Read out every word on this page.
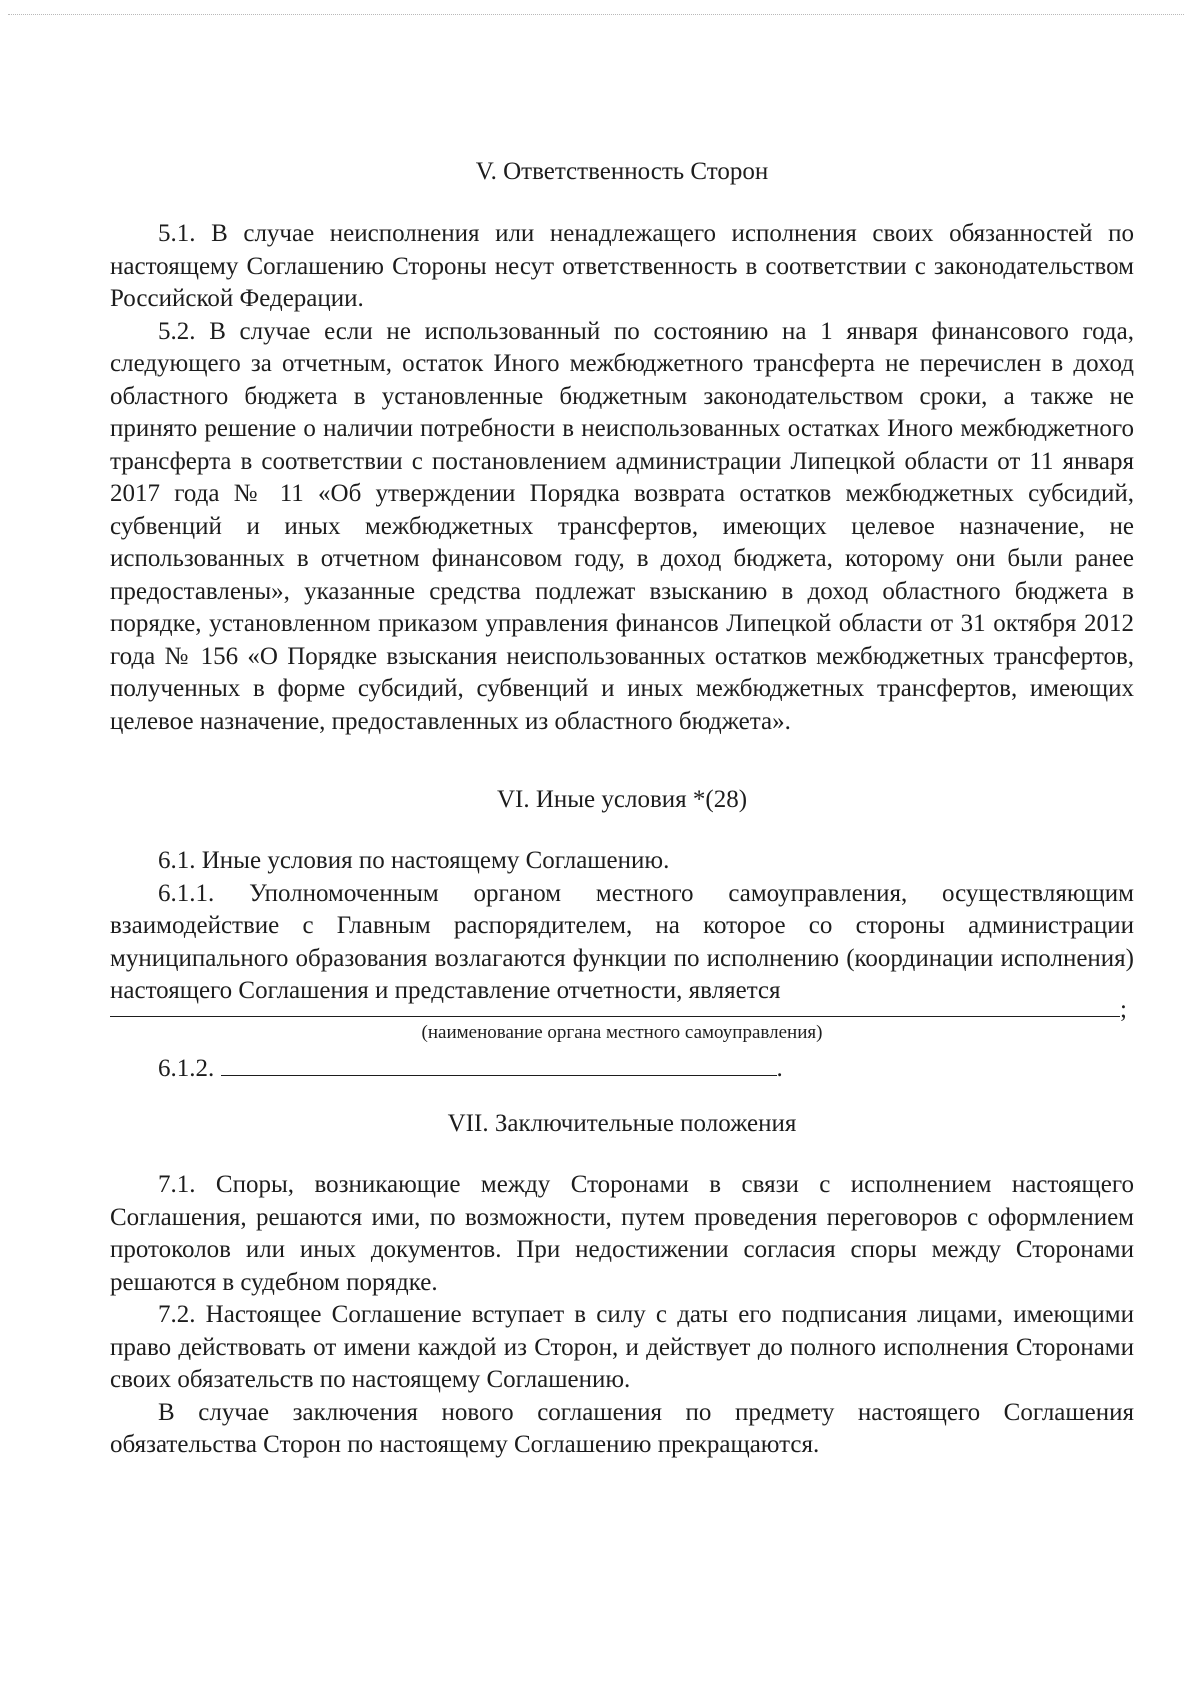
V. Ответственность Сторон

5.1. В случае неисполнения или ненадлежащего исполнения своих обязанностей по настоящему Соглашению Стороны несут ответственность в соответствии с законодательством Российской Федерации.

5.2. В случае если не использованный по состоянию на 1 января финансового года, следующего за отчетным, остаток Иного межбюджетного трансферта не перечислен в доход областного бюджета в установленные бюджетным законодательством сроки, а также не принято решение о наличии потребности в неиспользованных остатках Иного межбюджетного трансферта в соответствии с постановлением администрации Липецкой области от 11 января 2017 года № 11 «Об утверждении Порядка возврата остатков межбюджетных субсидий, субвенций и иных межбюджетных трансфертов, имеющих целевое назначение, не использованных в отчетном финансовом году, в доход бюджета, которому они были ранее предоставлены», указанные средства подлежат взысканию в доход областного бюджета в порядке, установленном приказом управления финансов Липецкой области от 31 октября 2012 года № 156 «О Порядке взыскания неиспользованных остатков межбюджетных трансфертов, полученных в форме субсидий, субвенций и иных межбюджетных трансфертов, имеющих целевое назначение, предоставленных из областного бюджета».

VI. Иные условия *(28)

6.1. Иные условия по настоящему Соглашению.

6.1.1. Уполномоченным органом местного самоуправления, осуществляющим взаимодействие с Главным распорядителем, на которое со стороны администрации муниципального образования возлагаются функции по исполнению (координации исполнения) настоящего Соглашения и представление отчетности, является

;
(наименование органа местного самоуправления)
6.1.2.	.
VII. Заключительные положения

7.1. Споры, возникающие между Сторонами в связи с исполнением настоящего Соглашения, решаются ими, по возможности, путем проведения переговоров с оформлением протоколов или иных документов. При недостижении согласия споры между Сторонами решаются в судебном порядке.

7.2. Настоящее Соглашение вступает в силу с даты его подписания лицами, имеющими право действовать от имени каждой из Сторон, и действует до полного исполнения Сторонами своих обязательств по настоящему Соглашению.

В случае заключения нового соглашения по предмету настоящего Соглашения обязательства Сторон по настоящему Соглашению прекращаются.
